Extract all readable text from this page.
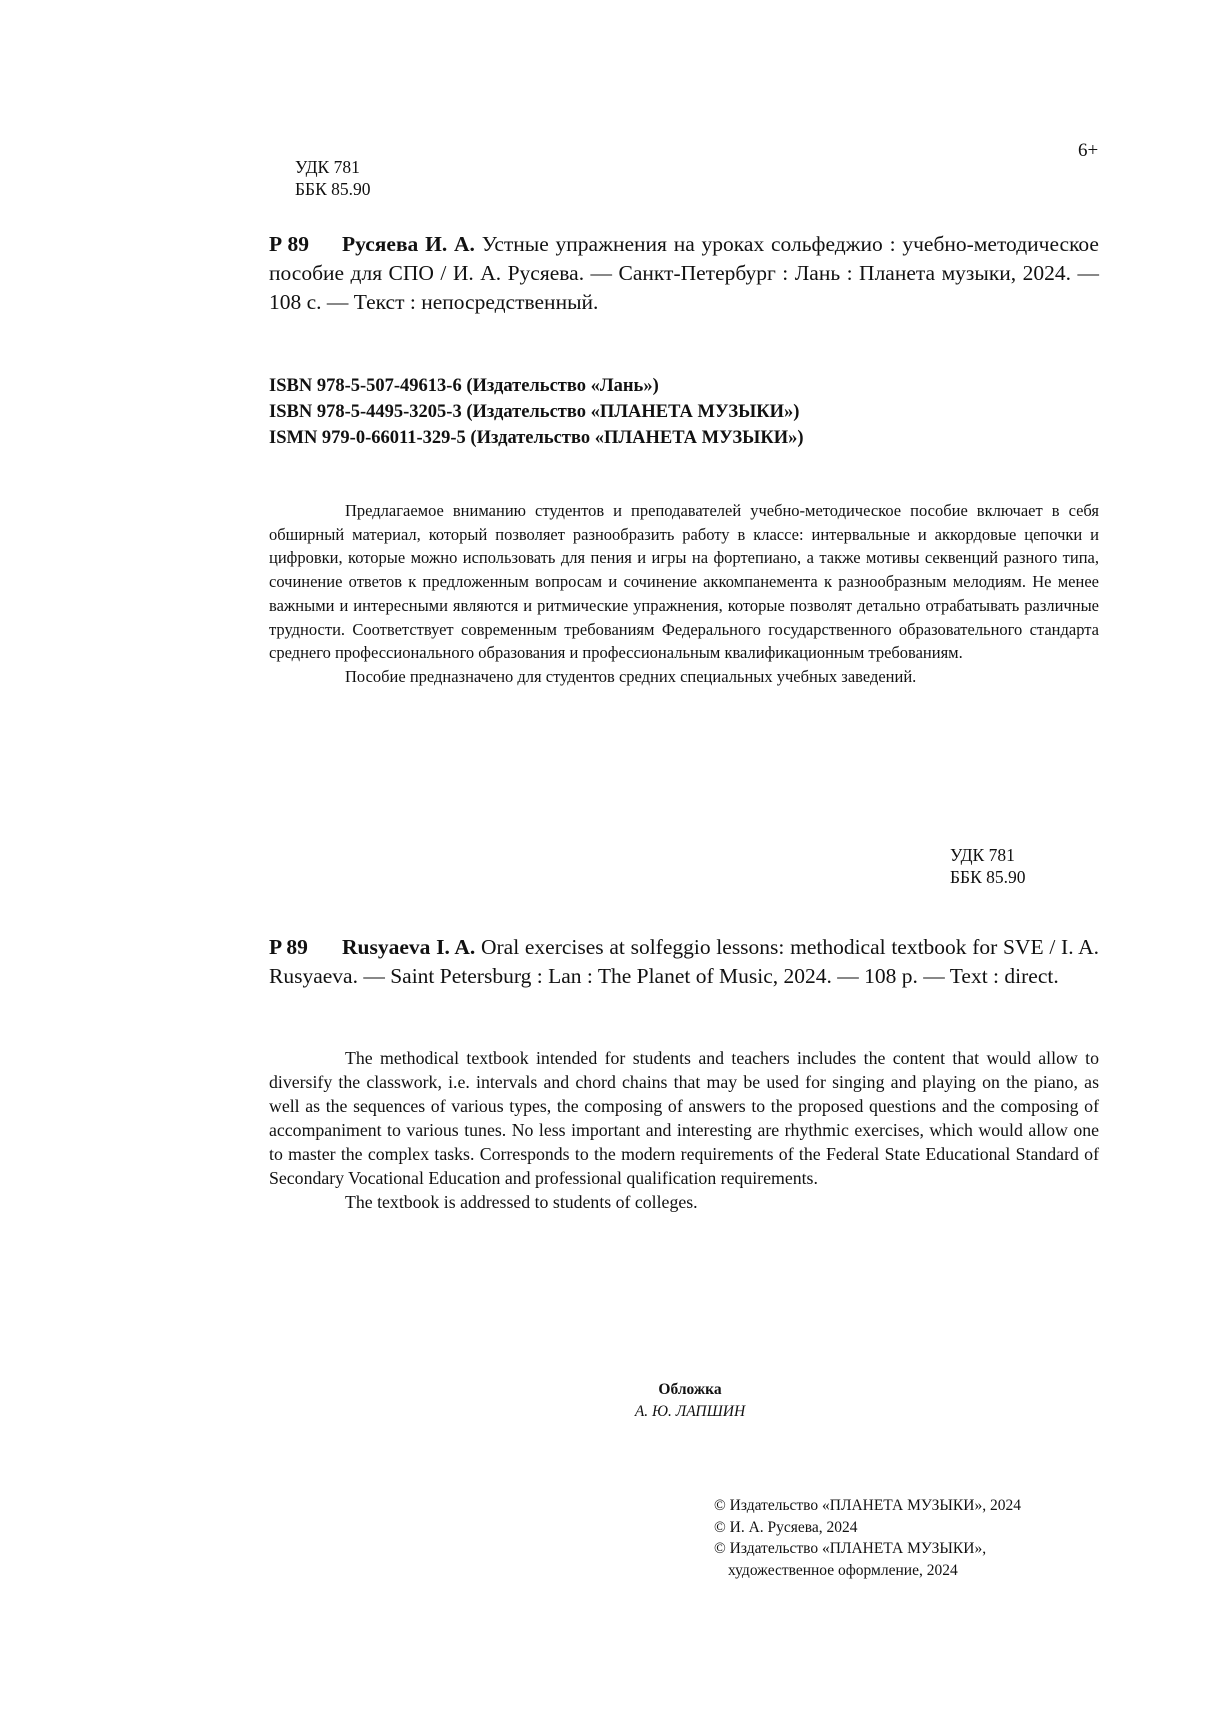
6+
УДК 781
ББК 85.90
Р 89 Русяева И. А. Устные упражнения на уроках сольфеджио : учебно-методическое пособие для СПО / И. А. Русяева. — Санкт-Петербург : Лань : Планета музыки, 2024. — 108 с. — Текст : непосредственный.
ISBN 978-5-507-49613-6 (Издательство «Лань»)
ISBN 978-5-4495-3205-3 (Издательство «ПЛАНЕТА МУЗЫКИ»)
ISMN 979-0-66011-329-5 (Издательство «ПЛАНЕТА МУЗЫКИ»)

Предлагаемое вниманию студентов и преподавателей учебно-методическое пособие включает в себя обширный материал, который позволяет разнообразить работу в классе: интервальные и аккордовые цепочки и цифровки, которые можно использовать для пения и игры на фортепиано, а также мотивы секвенций разного типа, сочинение ответов к предложенным вопросам и сочинение аккомпанемента к разнообразным мелодиям. Не менее важными и интересными являются и ритмические упражнения, которые позволят детально отрабатывать различные трудности. Соответствует современным требованиям Федерального государственного образовательного стандарта среднего профессионального образования и профессиональным квалификационным требованиям.

Пособие предназначено для студентов средних специальных учебных заведений.

УДК 781
ББК 85.90
P 89 Rusyaeva I. A. Oral exercises at solfeggio lessons: methodical textbook for SVE / I. A. Rusyaeva. — Saint Petersburg : Lan : The Planet of Music, 2024. — 108 p. — Text : direct.

The methodical textbook intended for students and teachers includes the content that would allow to diversify the classwork, i.e. intervals and chord chains that may be used for singing and playing on the piano, as well as the sequences of various types, the composing of answers to the proposed questions and the composing of accompaniment to various tunes. No less important and interesting are rhythmic exercises, which would allow one to master the complex tasks. Corresponds to the modern requirements of the Federal State Educational Standard of Secondary Vocational Education and professional qualification requirements.

The textbook is addressed to students of colleges.

Обложка
А. Ю. ЛАПШИН
© Издательство «ПЛАНЕТА МУЗЫКИ», 2024
© И. А. Русяева, 2024
© Издательство «ПЛАНЕТА МУЗЫКИ»,
художественное оформление, 2024
